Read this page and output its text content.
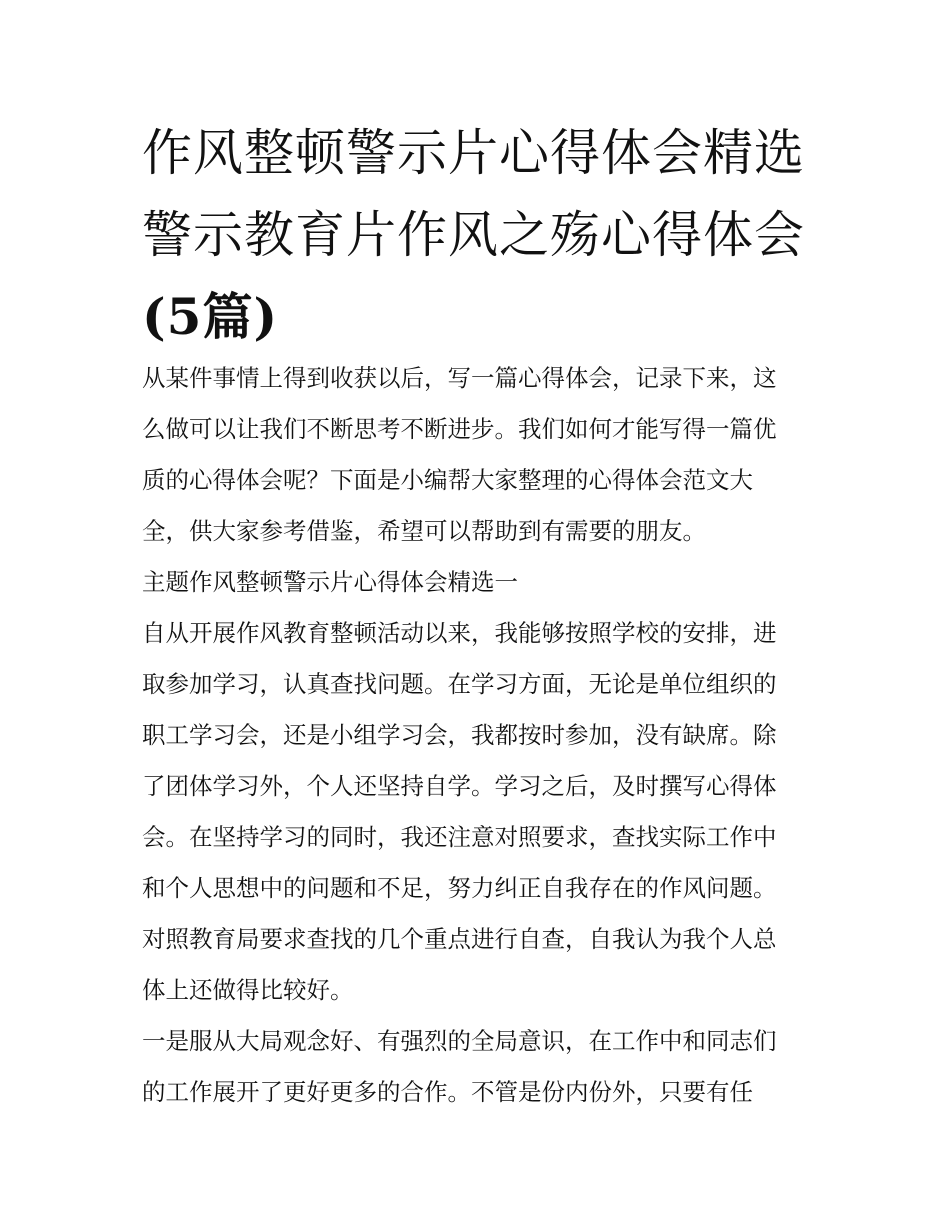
作风整顿警示片心得体会精选
警示教育片作风之殇心得体会
(5篇)
从某件事情上得到收获以后，写一篇心得体会，记录下来，这
么做可以让我们不断思考不断进步。我们如何才能写得一篇优
质的心得体会呢？下面是小编帮大家整理的心得体会范文大
全，供大家参考借鉴，希望可以帮助到有需要的朋友。
主题作风整顿警示片心得体会精选一
自从开展作风教育整顿活动以来，我能够按照学校的安排，进
取参加学习，认真查找问题。在学习方面，无论是单位组织的
职工学习会，还是小组学习会，我都按时参加，没有缺席。除
了团体学习外，个人还坚持自学。学习之后，及时撰写心得体
会。在坚持学习的同时，我还注意对照要求，查找实际工作中
和个人思想中的问题和不足，努力纠正自我存在的作风问题。
对照教育局要求查找的几个重点进行自查，自我认为我个人总
体上还做得比较好。
一是服从大局观念好、有强烈的全局意识，在工作中和同志们
的工作展开了更好更多的合作。不管是份内份外，只要有任
